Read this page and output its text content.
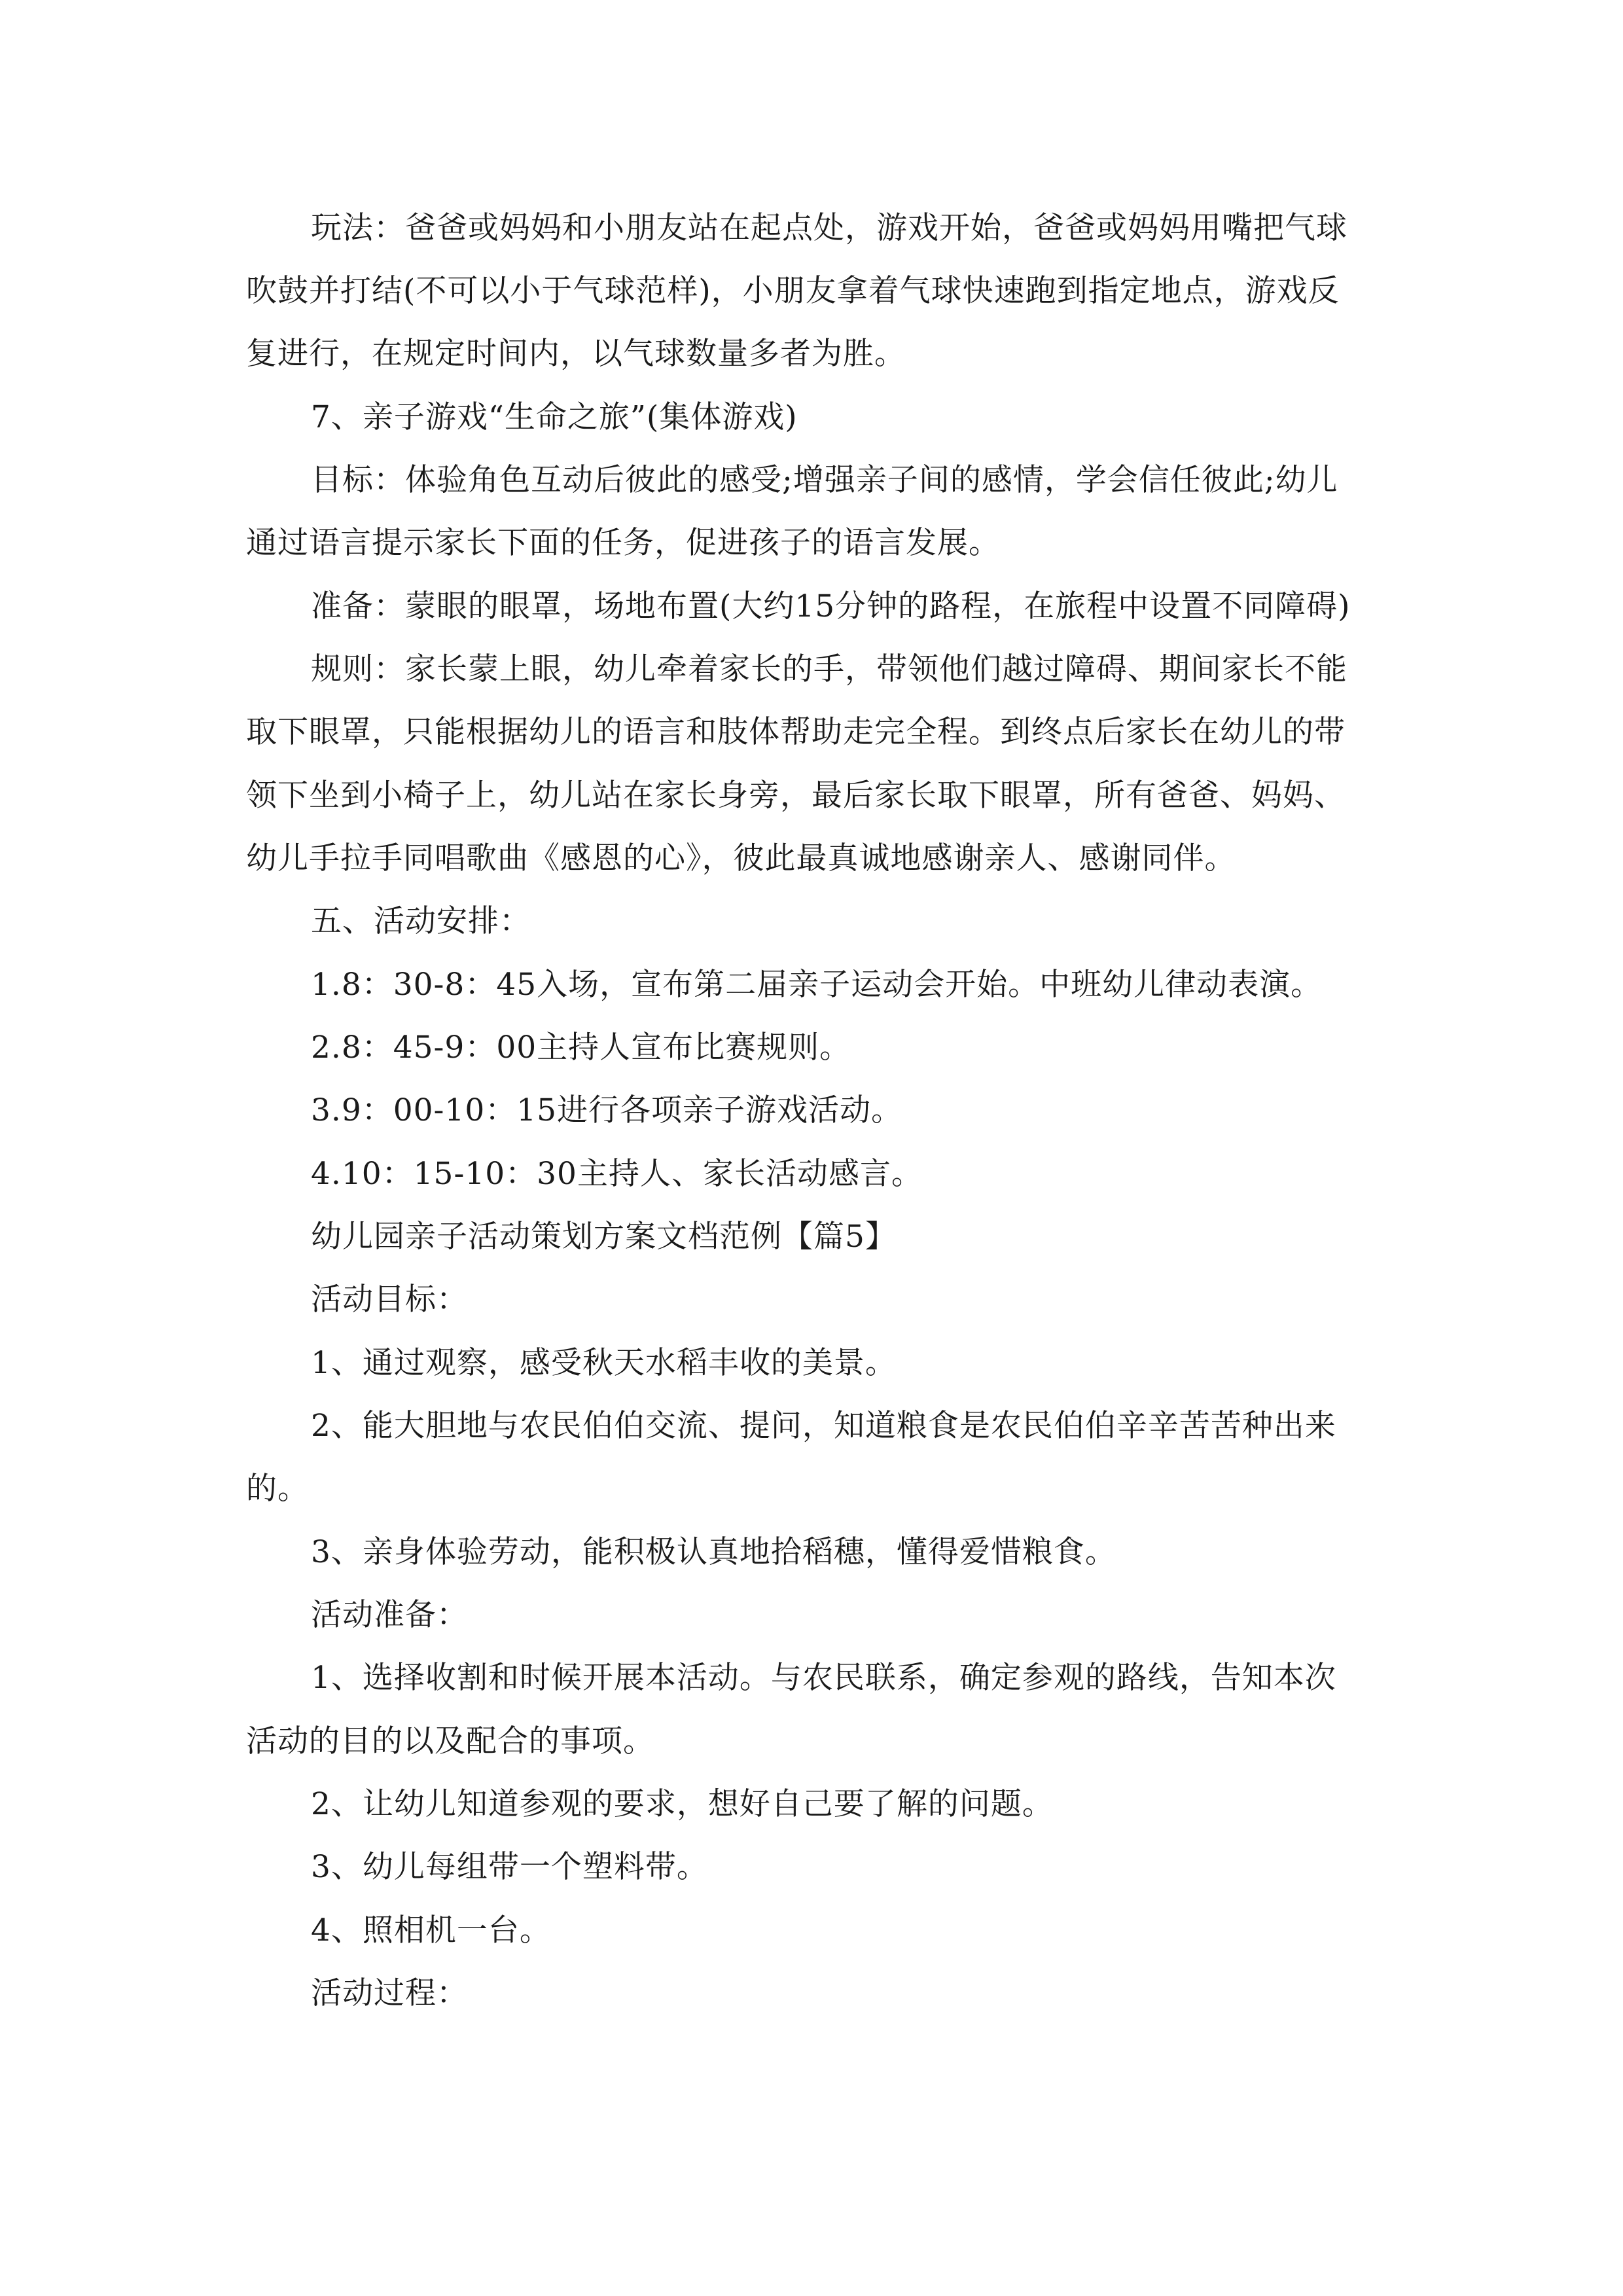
玩法：爸爸或妈妈和小朋友站在起点处，游戏开始，爸爸或妈妈用嘴把气球
吹鼓并打结(不可以小于气球范样)，小朋友拿着气球快速跑到指定地点，游戏反
复进行，在规定时间内，以气球数量多者为胜。
7、亲子游戏“生命之旅”(集体游戏)
目标：体验角色互动后彼此的感受;增强亲子间的感情，学会信任彼此;幼儿
通过语言提示家长下面的任务，促进孩子的语言发展。
准备：蒙眼的眼罩，场地布置(大约15分钟的路程，在旅程中设置不同障碍)
规则：家长蒙上眼，幼儿牵着家长的手，带领他们越过障碍、期间家长不能
取下眼罩，只能根据幼儿的语言和肢体帮助走完全程。到终点后家长在幼儿的带
领下坐到小椅子上，幼儿站在家长身旁，最后家长取下眼罩，所有爸爸、妈妈、
幼儿手拉手同唱歌曲《感恩的心》，彼此最真诚地感谢亲人、感谢同伴。
五、活动安排：
1.8：30-8：45入场，宣布第二届亲子运动会开始。中班幼儿律动表演。
2.8：45-9：00主持人宣布比赛规则。
3.9：00-10：15进行各项亲子游戏活动。
4.10：15-10：30主持人、家长活动感言。
幼儿园亲子活动策划方案文档范例【篇5】
活动目标：
1、通过观察，感受秋天水稻丰收的美景。
2、能大胆地与农民伯伯交流、提问，知道粮食是农民伯伯辛辛苦苦种出来
的。
3、亲身体验劳动，能积极认真地拾稻穗，懂得爱惜粮食。
活动准备：
1、选择收割和时候开展本活动。与农民联系，确定参观的路线，告知本次
活动的目的以及配合的事项。
2、让幼儿知道参观的要求，想好自己要了解的问题。
3、幼儿每组带一个塑料带。
4、照相机一台。
活动过程：
